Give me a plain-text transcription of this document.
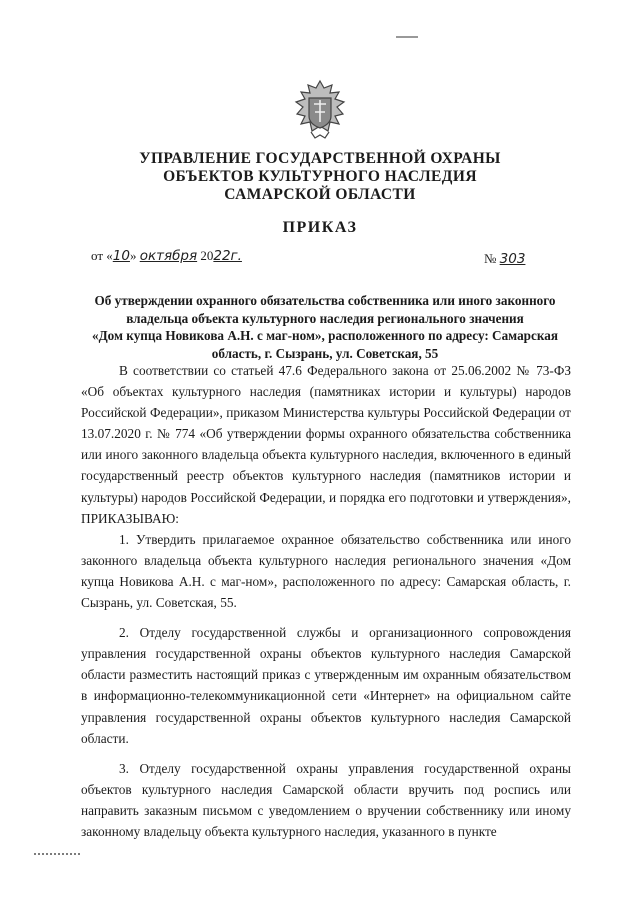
УПРАВЛЕНИЕ ГОСУДАРСТВЕННОЙ ОХРАНЫ
ОБЪЕКТОВ КУЛЬТУРНОГО НАСЛЕДИЯ
САМАРСКОЙ ОБЛАСТИ
ПРИКАЗ
от «10» октября 2022г.	№ 303
Об утверждении охранного обязательства собственника или иного законного
владельца объекта культурного наследия регионального значения
«Дом купца Новикова А.Н. с маг-ном», расположенного по адресу: Самарская
область, г. Сызрань, ул. Советская, 55

В соответствии со статьей 47.6 Федерального закона от 25.06.2002 № 73-ФЗ «Об объектах культурного наследия (памятниках истории и культуры) народов Российской Федерации», приказом Министерства культуры Российской Федерации от 13.07.2020 г. № 774 «Об утверждении формы охранного обязательства собственника или иного законного владельца объекта культурного наследия, включенного в единый государственный реестр объектов культурного наследия (памятников истории и культуры) народов Российской Федерации, и порядка его подготовки и утверждения», ПРИКАЗЫВАЮ:

1. Утвердить прилагаемое охранное обязательство собственника или иного законного владельца объекта культурного наследия регионального значения «Дом купца Новикова А.Н. с маг-ном», расположенного по адресу: Самарская область, г. Сызрань, ул. Советская, 55.

2. Отделу государственной службы и организационного сопровождения управления государственной охраны объектов культурного наследия Самарской области разместить настоящий приказ с утвержденным им охранным обязательством в информационно-телекоммуникационной сети «Интернет» на официальном сайте управления государственной охраны объектов культурного наследия Самарской области.

3. Отделу государственной охраны управления государственной охраны объектов культурного наследия Самарской области вручить под роспись или направить заказным письмом с уведомлением о вручении собственнику или иному законному владельцу объекта культурного наследия, указанного в пункте
